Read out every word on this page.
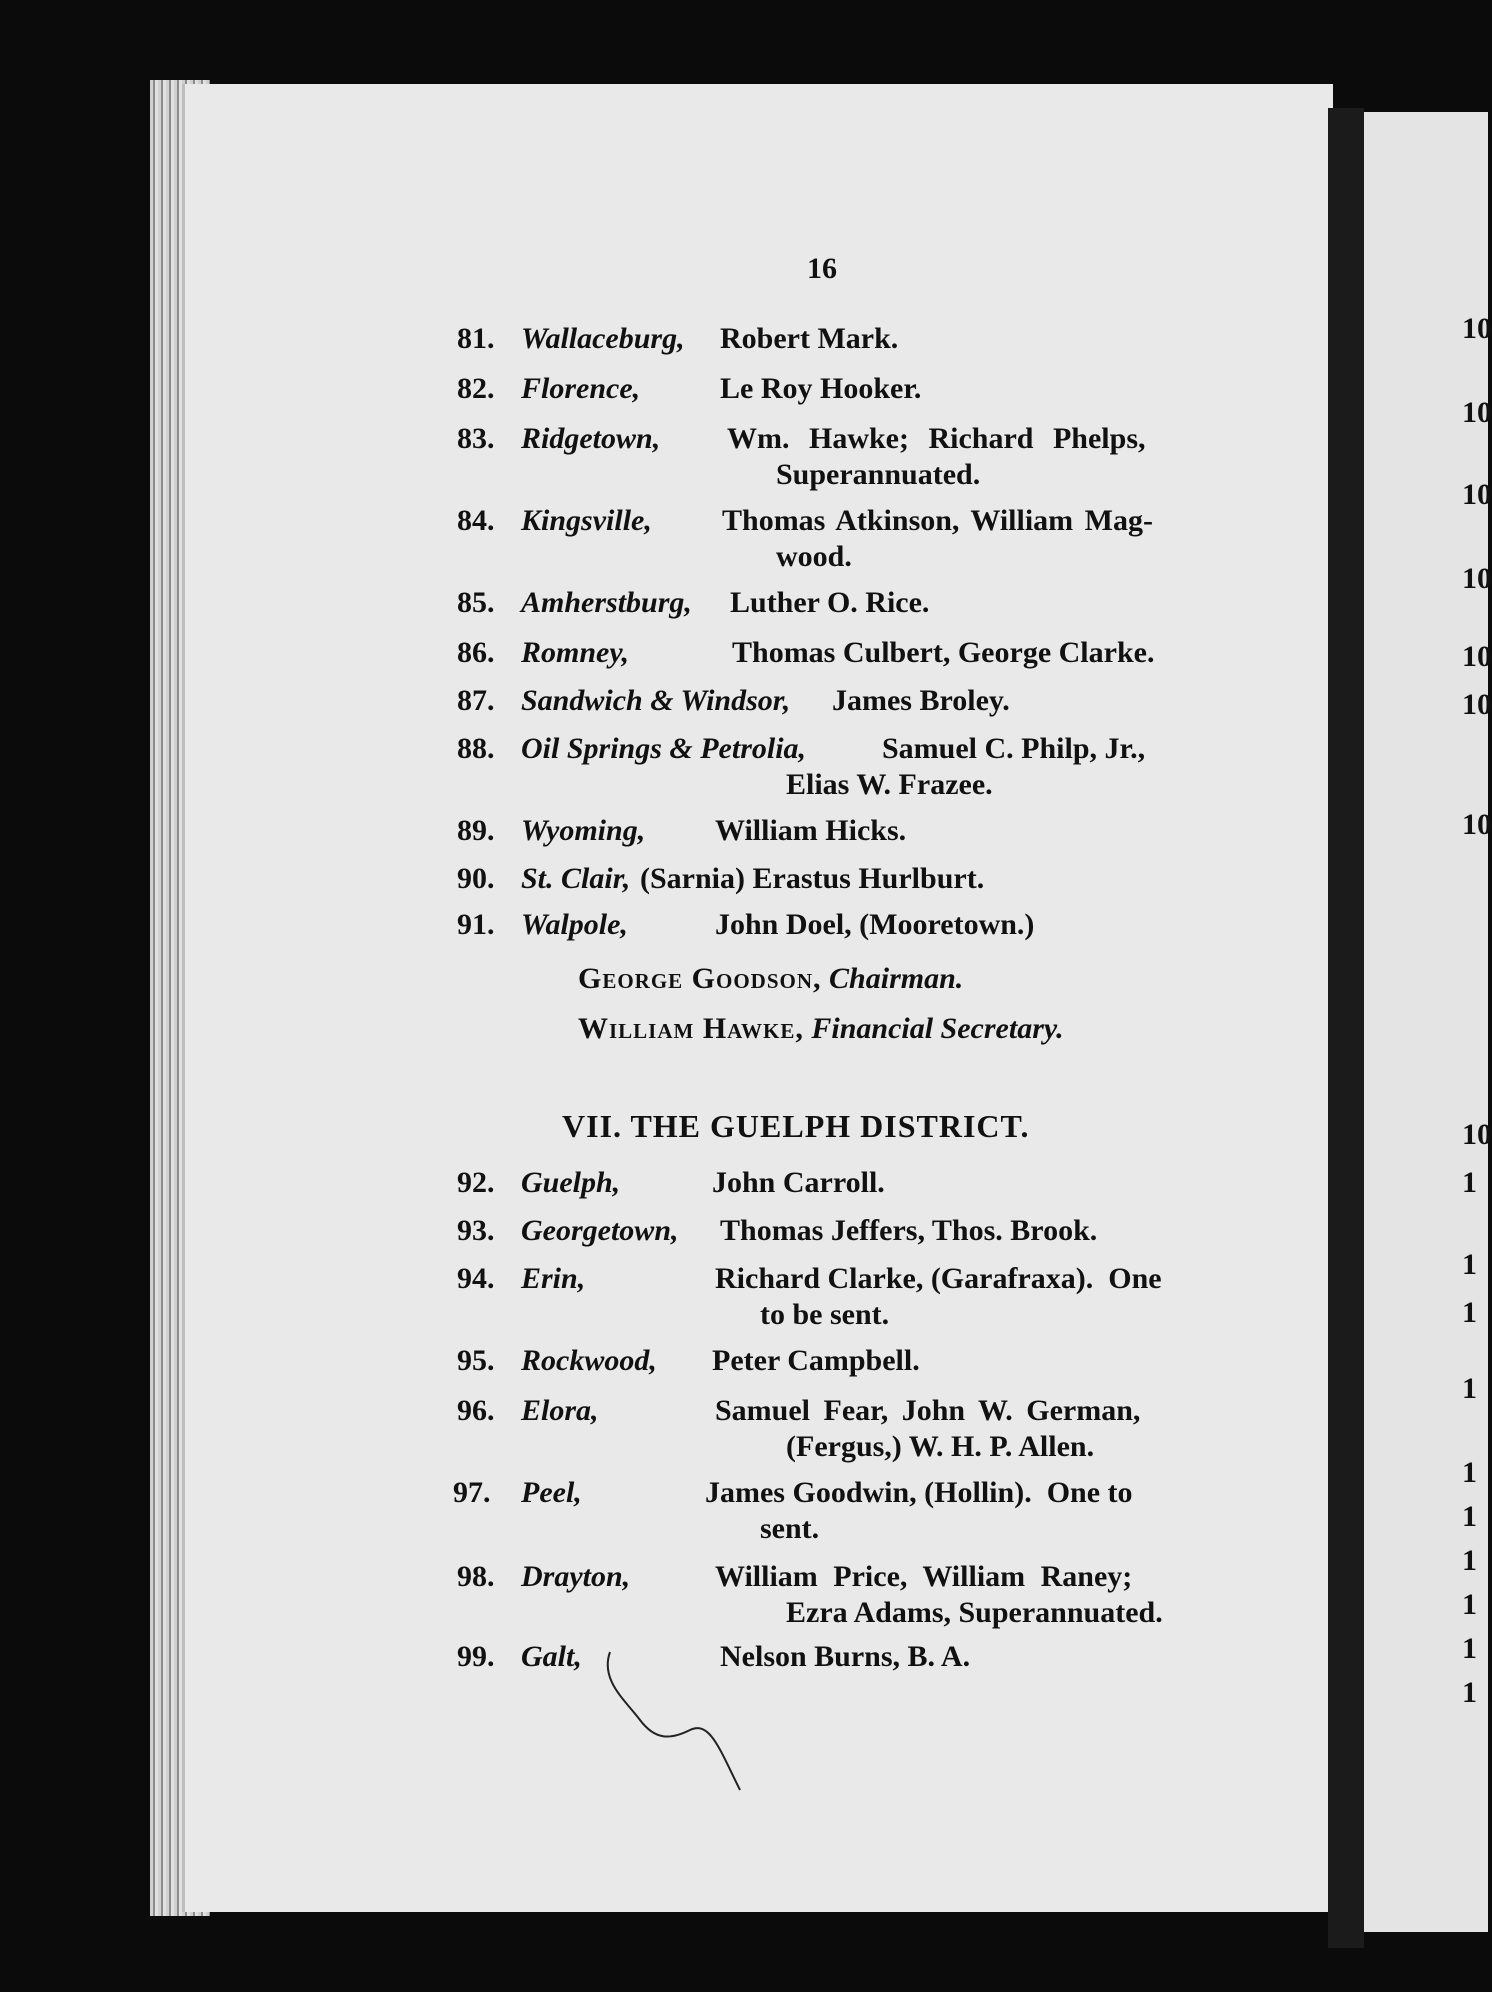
16
81. Wallaceburg, Robert Mark.
82. Florence,	Le Roy Hooker.
83. Ridgetown, Wm. Hawke; Richard Phelps,
Superannuated.
84. Kingsville, Thomas Atkinson, William Mag-
wood.
85. Amherstburg, Luther O. Rice.
86. Romney,	Thomas Culbert, George Clarke.
87. Sandwich & Windsor, James Broley.
88. Oil Springs & Petrolia,	Samuel C. Philp, Jr.,
Elias W. Frazee.
89. Wyoming, William Hicks.
90. St. Clair, (Sarnia) Erastus Hurlburt.
91. Walpole,	John Doel, (Mooretown.)
George Goodson, Chairman.
William Hawke, Financial Secretary.
VII. THE GUELPH DISTRICT.
92. Guelph,	John Carroll.
93. Georgetown, Thomas Jeffers, Thos. Brook.
94. Erin,	Richard Clarke, (Garafraxa).  One
to be sent.
95. Rockwood, Peter Campbell.
96. Elora,	Samuel Fear, John W. German,
(Fergus,) W. H. P. Allen.
97. Peel,	James Goodwin, (Hollin).  One to
sent.
98. Drayton,	William Price, William Raney;
Ezra Adams, Superannuated.
99. Galt,	Nelson Burns, B. A.
10
10
10
10
10
10
10
10
1
1
1
1
1
1
1
1
1
1
